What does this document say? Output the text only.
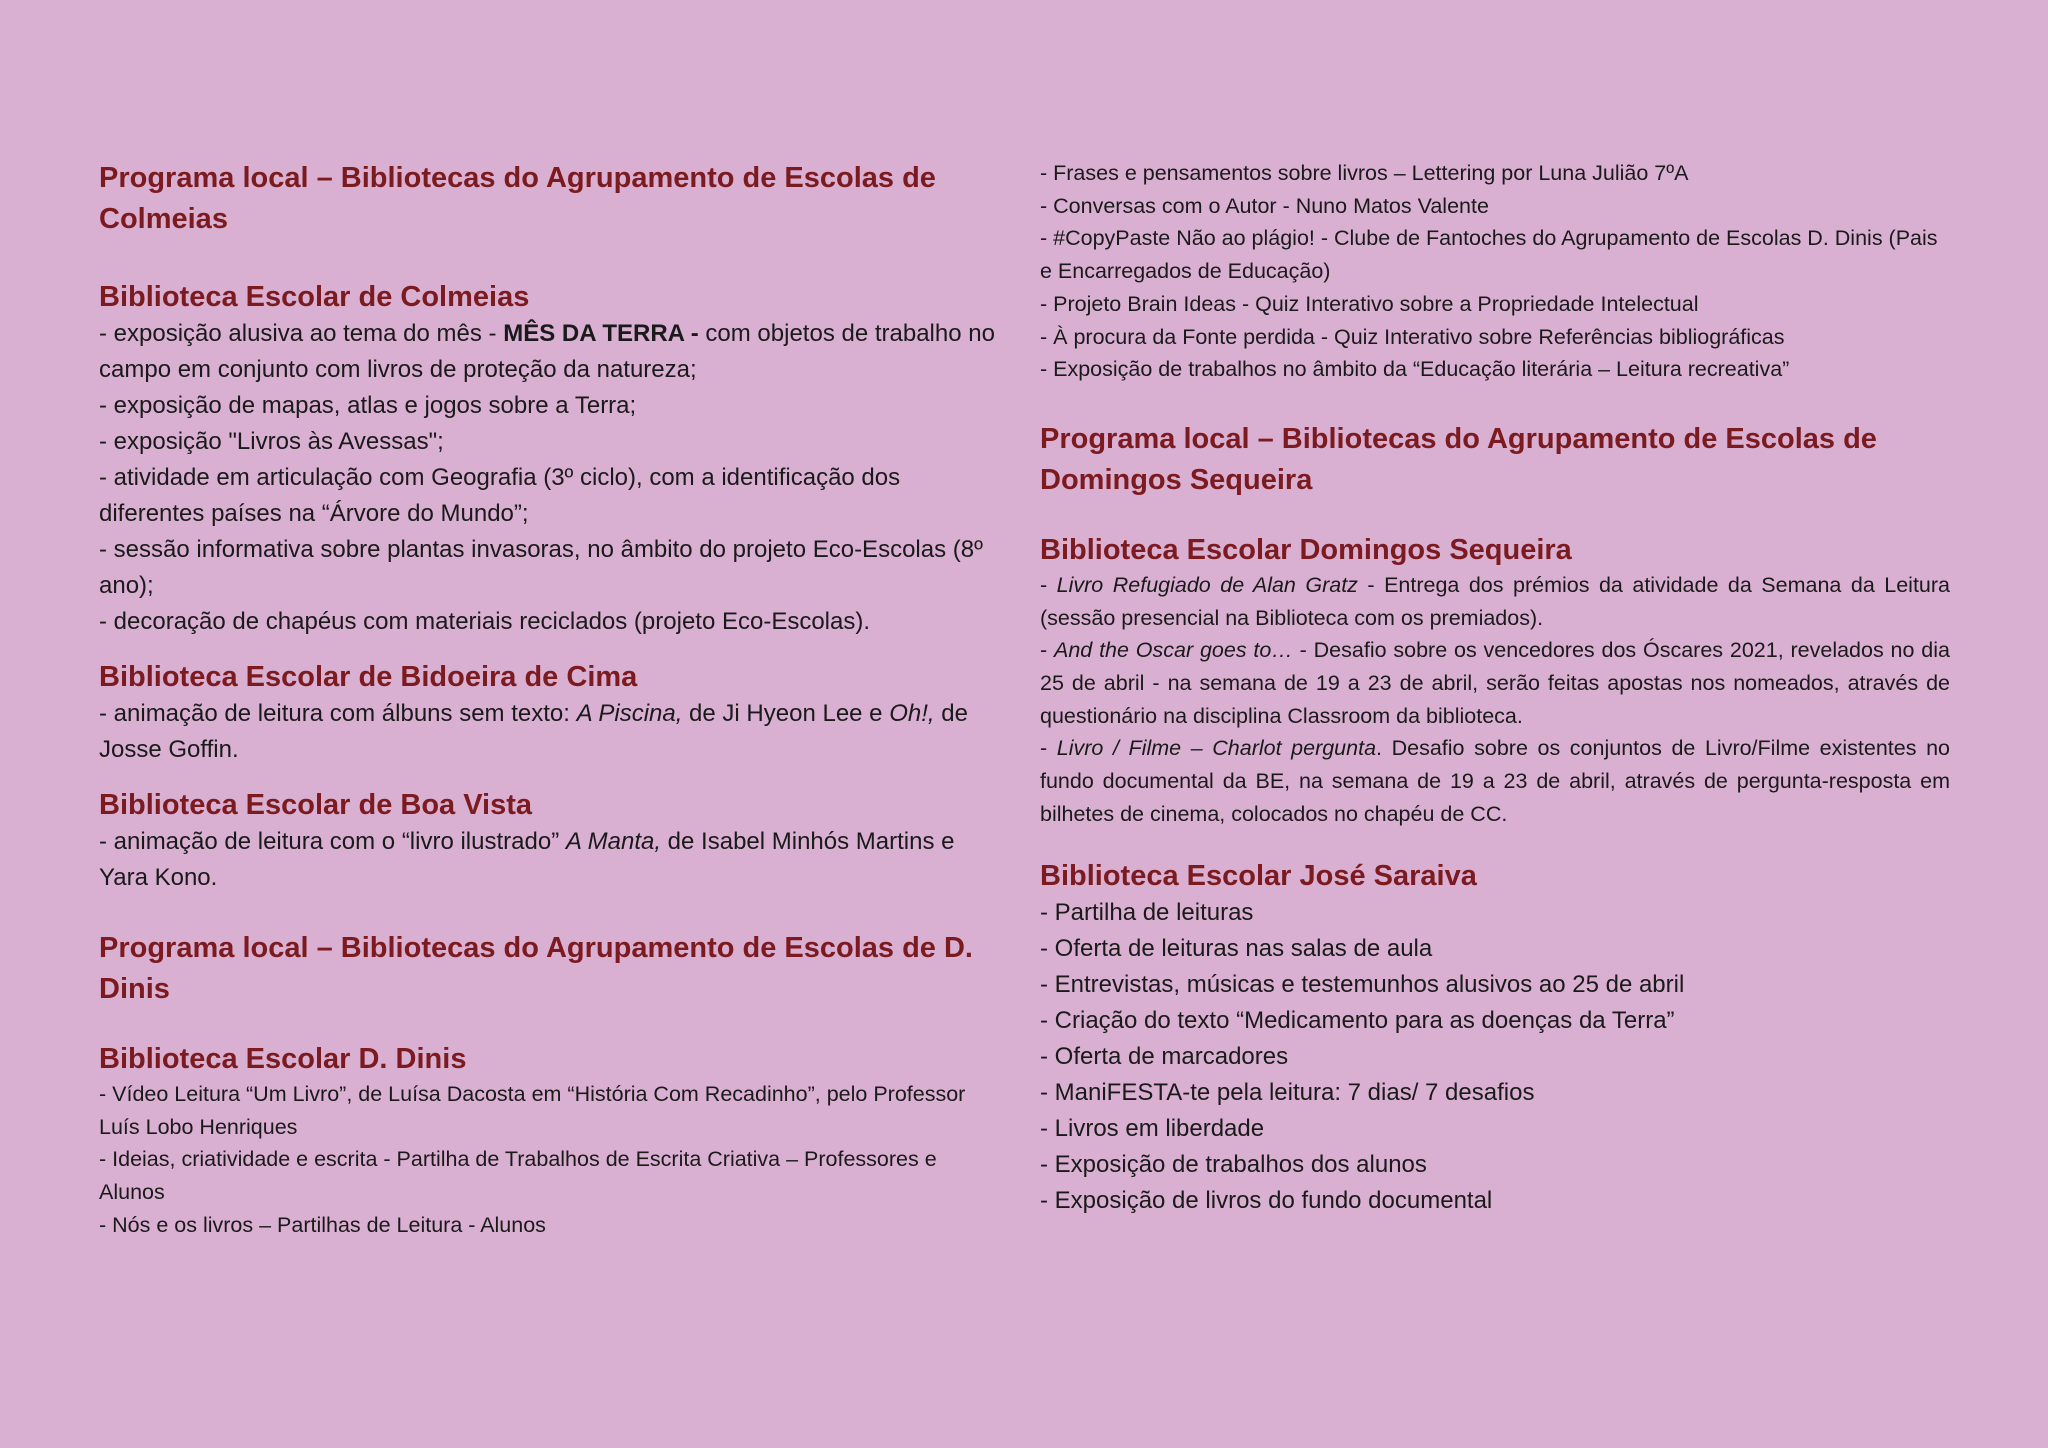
Programa local – Bibliotecas do Agrupamento de Escolas de Colmeias
Biblioteca Escolar de Colmeias

- exposição alusiva ao tema do mês - MÊS DA TERRA - com objetos de trabalho no campo em conjunto com livros de proteção da natureza;

- exposição de mapas, atlas e jogos sobre a Terra;

- exposição "Livros às Avessas";

- atividade em articulação com Geografia (3º ciclo), com a identificação dos diferentes países na “Árvore do Mundo”;

- sessão informativa sobre plantas invasoras, no âmbito do projeto Eco-Escolas (8º ano);

- decoração de chapéus com materiais reciclados (projeto Eco-Escolas).

Biblioteca Escolar de Bidoeira de Cima

- animação de leitura com álbuns sem texto: A Piscina, de Ji Hyeon Lee e Oh!, de Josse Goffin.

Biblioteca Escolar de Boa Vista

- animação de leitura com o “livro ilustrado” A Manta, de Isabel Minhós Martins e Yara Kono.

Programa local – Bibliotecas do Agrupamento de Escolas de D. Dinis
Biblioteca Escolar D. Dinis

- Vídeo Leitura “Um Livro”, de Luísa Dacosta em “História Com Recadinho”, pelo Professor Luís Lobo Henriques

- Ideias, criatividade e escrita - Partilha de Trabalhos de Escrita Criativa – Professores e Alunos

- Nós e os livros – Partilhas de Leitura - Alunos

- Frases e pensamentos sobre livros – Lettering por Luna Julião 7ºA

- Conversas com o Autor - Nuno Matos Valente

- #CopyPaste Não ao plágio! - Clube de Fantoches do Agrupamento de Escolas D. Dinis (Pais e Encarregados de Educação)

- Projeto Brain Ideas - Quiz Interativo sobre a Propriedade Intelectual

- À procura da Fonte perdida - Quiz Interativo sobre Referências bibliográficas

- Exposição de trabalhos no âmbito da “Educação literária – Leitura recreativa”

Programa local – Bibliotecas do Agrupamento de Escolas de Domingos Sequeira
Biblioteca Escolar Domingos Sequeira

- Livro Refugiado de Alan Gratz - Entrega dos prémios da atividade da Semana da Leitura (sessão presencial na Biblioteca com os premiados).

- And the Oscar goes to… - Desafio sobre os vencedores dos Óscares 2021, revelados no dia 25 de abril - na semana de 19 a 23 de abril, serão feitas apostas nos nomeados, através de questionário na disciplina Classroom da biblioteca.

- Livro / Filme – Charlot pergunta. Desafio sobre os conjuntos de Livro/Filme existentes no fundo documental da BE, na semana de 19 a 23 de abril, através de pergunta-resposta em bilhetes de cinema, colocados no chapéu de CC.

Biblioteca Escolar José Saraiva

- Partilha de leituras

- Oferta de leituras nas salas de aula

- Entrevistas, músicas e testemunhos alusivos ao 25 de abril

- Criação do texto “Medicamento para as doenças da Terra”

- Oferta de marcadores

- ManiFESTA-te pela leitura: 7 dias/ 7 desafios

- Livros em liberdade

- Exposição de trabalhos dos alunos

- Exposição de livros do fundo documental
